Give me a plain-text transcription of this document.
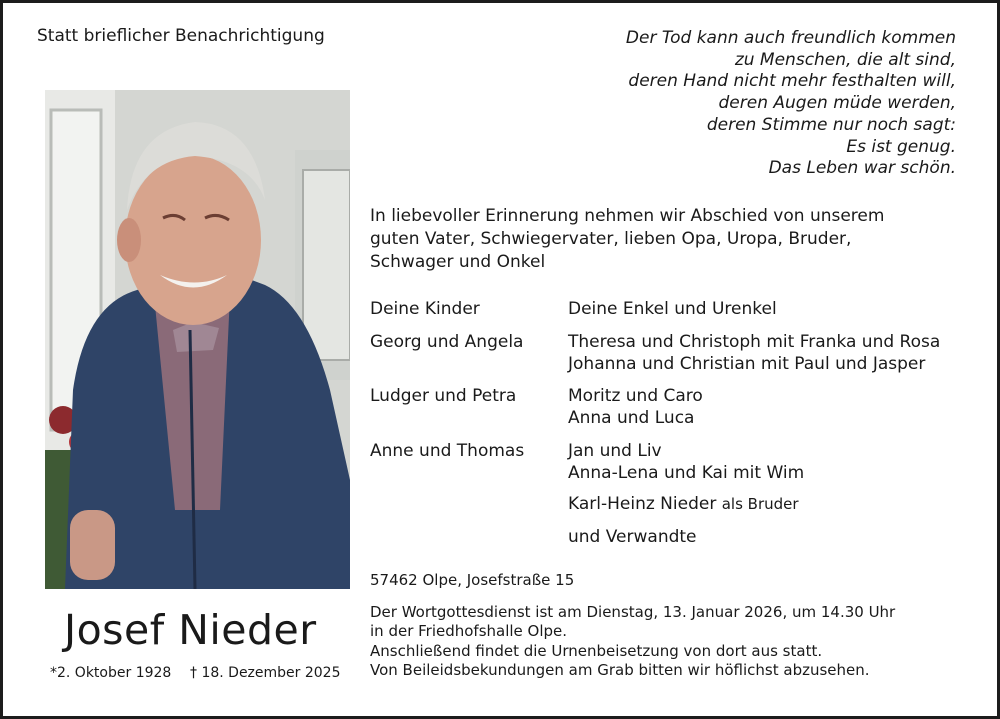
Statt brieflicher Benachrichtigung	Der Tod kann auch freundlich kommen
zu Menschen, die alt sind,
deren Hand nicht mehr festhalten will,
deren Augen müde werden,
deren Stimme nur noch sagt:
Es ist genug.
Das Leben war schön.
In liebevoller Erinnerung nehmen wir Abschied von unserem
guten Vater, Schwiegervater, lieben Opa, Uropa, Bruder,
Schwager und Onkel
Deine Kinder	Deine Enkel und Urenkel
Georg und Angela	Theresa und Christoph mit Franka und Rosa
Johanna und Christian mit Paul und Jasper
Ludger und Petra	Moritz und Caro
Anna und Luca
Anne und Thomas	Jan und Liv
Anna-Lena und Kai mit Wim
Karl-Heinz Nieder als Bruder
und Verwandte
Josef Nieder
*2. Oktober 1928 † 18. Dezember 2025
57462 Olpe, Josefstraße 15
Der Wortgottesdienst ist am Dienstag, 13. Januar 2026, um 14.30 Uhr
in der Friedhofshalle Olpe.
Anschließend findet die Urnenbeisetzung von dort aus statt.
Von Beileidsbekundungen am Grab bitten wir höflichst abzusehen.
